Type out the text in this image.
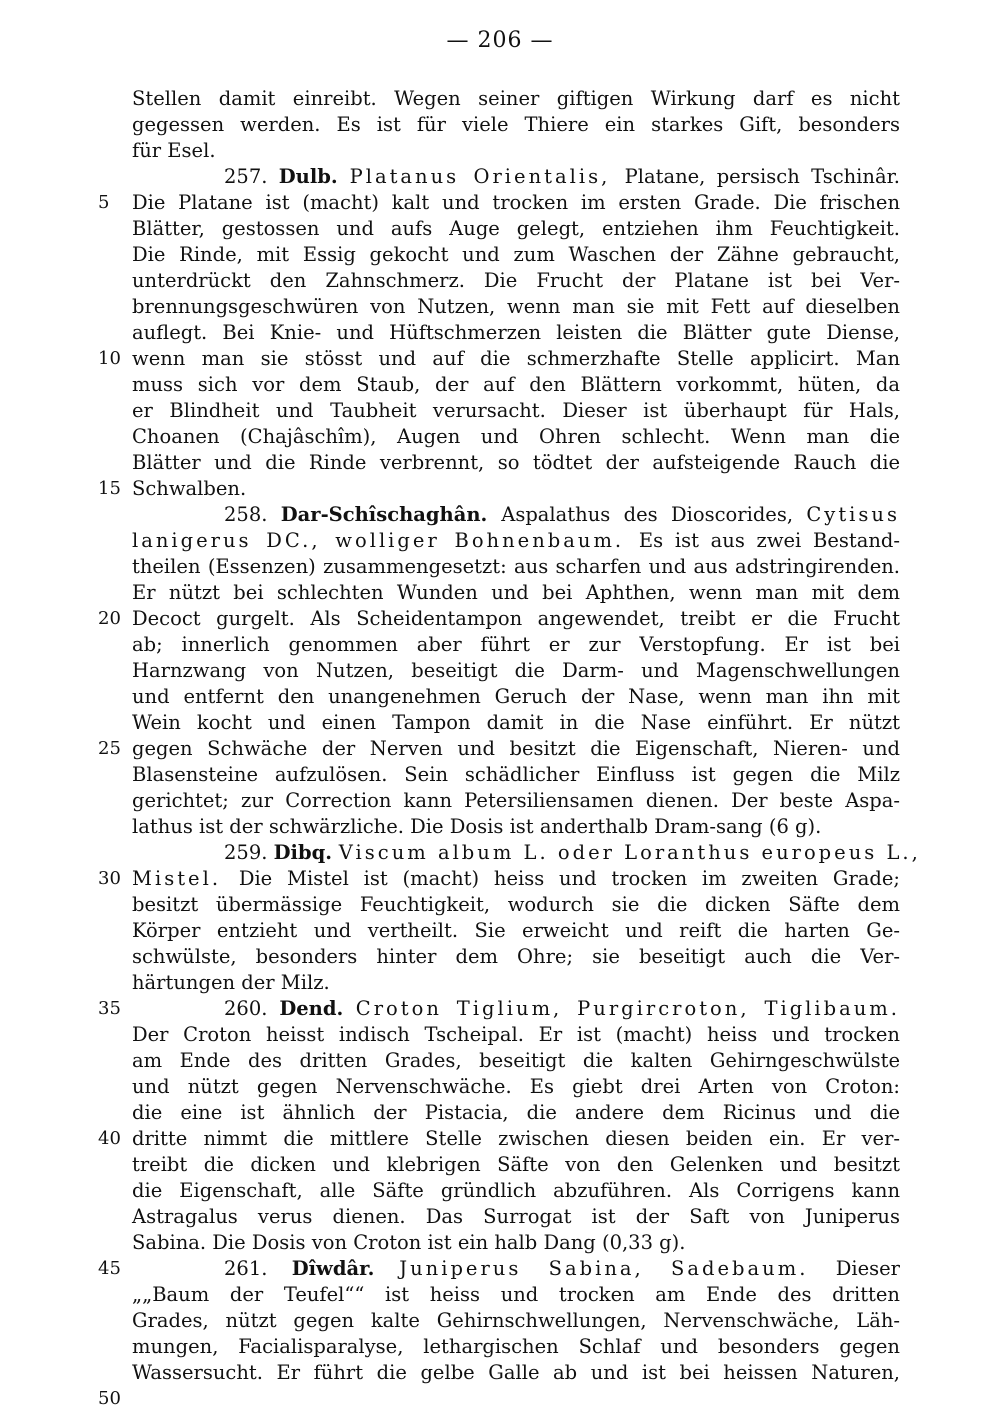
— 206 —
Stellen damit einreibt. Wegen seiner giftigen Wirkung darf es nicht
gegessen werden. Es ist für viele Thiere ein starkes Gift, besonders
für Esel.
257. Dulb. Platanus Orientalis, Platane, persisch Tschinâr.
Die Platane ist (macht) kalt und trocken im ersten Grade. Die frischen
Blätter, gestossen und aufs Auge gelegt, entziehen ihm Feuchtigkeit.
Die Rinde, mit Essig gekocht und zum Waschen der Zähne gebraucht,
unterdrückt den Zahnschmerz. Die Frucht der Platane ist bei Ver-
brennungsgeschwüren von Nutzen, wenn man sie mit Fett auf dieselben
auflegt. Bei Knie- und Hüftschmerzen leisten die Blätter gute Diense,
wenn man sie stösst und auf die schmerzhafte Stelle applicirt. Man
muss sich vor dem Staub, der auf den Blättern vorkommt, hüten, da
er Blindheit und Taubheit verursacht. Dieser ist überhaupt für Hals,
Choanen (Chajâschîm), Augen und Ohren schlecht. Wenn man die
Blätter und die Rinde verbrennt, so tödtet der aufsteigende Rauch die
Schwalben.
258. Dar-Schîschaghân. Aspalathus des Dioscorides, Cytisus
lanigerus DC., wolliger Bohnenbaum. Es ist aus zwei Bestand-
theilen (Essenzen) zusammengesetzt: aus scharfen und aus adstringirenden.
Er nützt bei schlechten Wunden und bei Aphthen, wenn man mit dem
Decoct gurgelt. Als Scheidentampon angewendet, treibt er die Frucht
ab; innerlich genommen aber führt er zur Verstopfung. Er ist bei
Harnzwang von Nutzen, beseitigt die Darm- und Magenschwellungen
und entfernt den unangenehmen Geruch der Nase, wenn man ihn mit
Wein kocht und einen Tampon damit in die Nase einführt. Er nützt
gegen Schwäche der Nerven und besitzt die Eigenschaft, Nieren- und
Blasensteine aufzulösen. Sein schädlicher Einfluss ist gegen die Milz
gerichtet; zur Correction kann Petersiliensamen dienen. Der beste Aspa-
lathus ist der schwärzliche. Die Dosis ist anderthalb Dram-sang (6 g).
259. Dibq. Viscum album L. oder Loranthus europeus L.,
Mistel. Die Mistel ist (macht) heiss und trocken im zweiten Grade;
besitzt übermässige Feuchtigkeit, wodurch sie die dicken Säfte dem
Körper entzieht und vertheilt. Sie erweicht und reift die harten Ge-
schwülste, besonders hinter dem Ohre; sie beseitigt auch die Ver-
härtungen der Milz.
260. Dend. Croton Tiglium, Purgircroton, Tiglibaum.
Der Croton heisst indisch Tscheipal. Er ist (macht) heiss und trocken
am Ende des dritten Grades, beseitigt die kalten Gehirngeschwülste
und nützt gegen Nervenschwäche. Es giebt drei Arten von Croton:
die eine ist ähnlich der Pistacia, die andere dem Ricinus und die
dritte nimmt die mittlere Stelle zwischen diesen beiden ein. Er ver-
treibt die dicken und klebrigen Säfte von den Gelenken und besitzt
die Eigenschaft, alle Säfte gründlich abzuführen. Als Corrigens kann
Astragalus verus dienen. Das Surrogat ist der Saft von Juniperus
Sabina. Die Dosis von Croton ist ein halb Dang (0,33 g).
261. Dîwdâr. Juniperus Sabina, Sadebaum. Dieser
„„Baum der Teufel““ ist heiss und trocken am Ende des dritten
Grades, nützt gegen kalte Gehirnschwellungen, Nervenschwäche, Läh-
mungen, Facialisparalyse, lethargischen Schlaf und besonders gegen
Wassersucht. Er führt die gelbe Galle ab und ist bei heissen Naturen,
5
10
15
20
25
30
35
40
45
50
